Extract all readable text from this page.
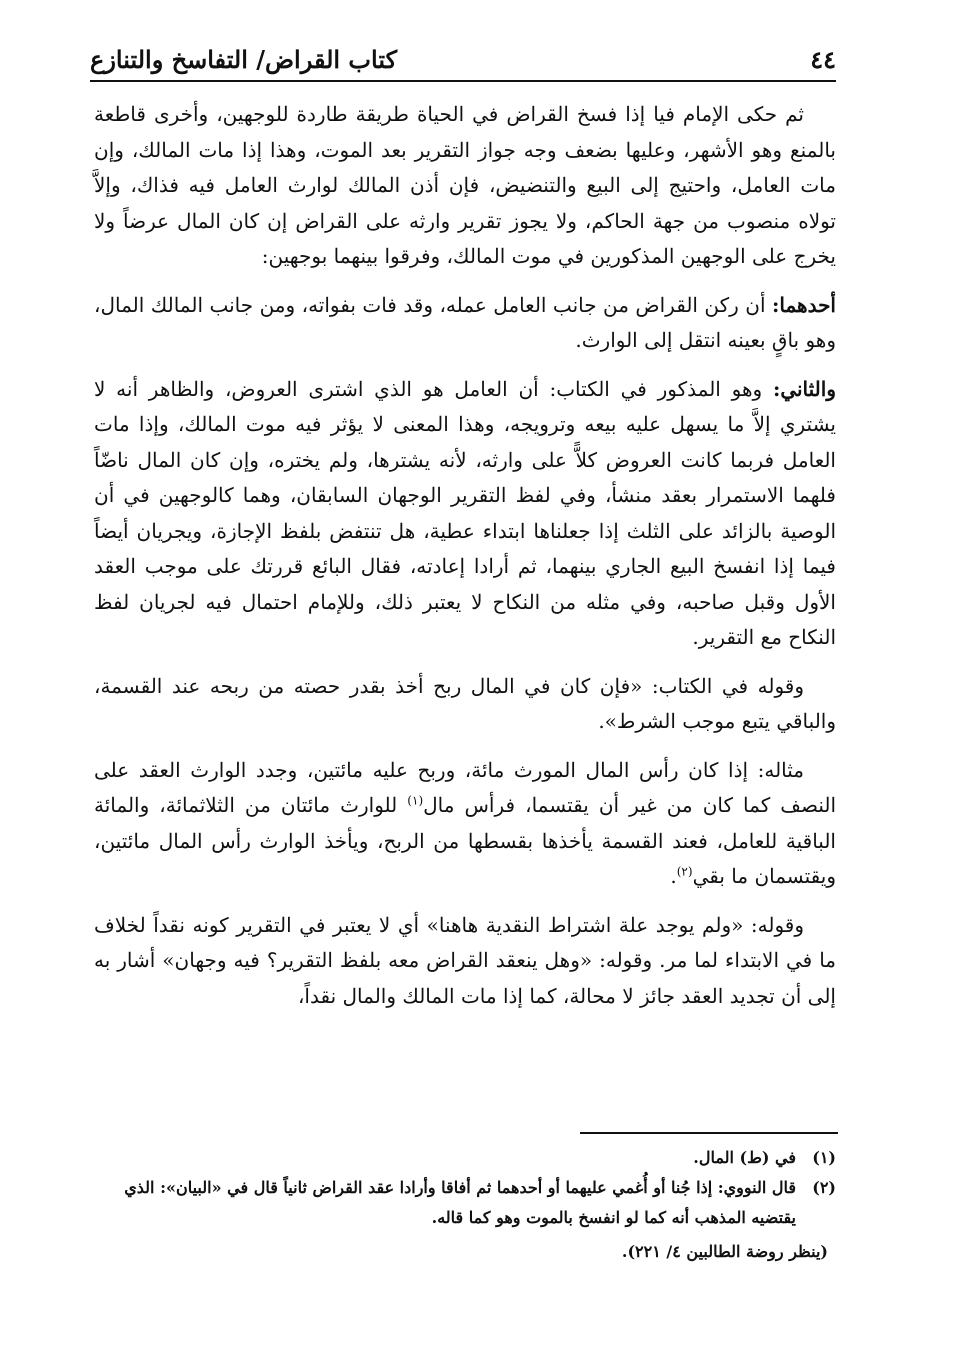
٤٤
كتاب القراض/ التفاسخ والتنازع

ثم حكى الإمام فيا إذا فسخ القراض في الحياة طريقة طاردة للوجهين، وأخرى قاطعة بالمنع وهو الأشهر، وعليها بضعف وجه جواز التقرير بعد الموت، وهذا إذا مات المالك، وإن مات العامل، واحتيج إلى البيع والتنضيض، فإن أذن المالك لوارث العامل فيه فذاك، وإلاَّ تولاه منصوب من جهة الحاكم، ولا يجوز تقرير وارثه على القراض إن كان المال عرضاً ولا يخرج على الوجهين المذكورين في موت المالك، وفرقوا بينهما بوجهين:

أحدهما: أن ركن القراض من جانب العامل عمله، وقد فات بفواته، ومن جانب المالك المال، وهو باقٍ بعينه انتقل إلى الوارث.

والثاني: وهو المذكور في الكتاب: أن العامل هو الذي اشترى العروض، والظاهر أنه لا يشتري إلاَّ ما يسهل عليه بيعه وترويجه، وهذا المعنى لا يؤثر فيه موت المالك، وإذا مات العامل فربما كانت العروض كلاًّ على وارثه، لأنه يشترها، ولم يختره، وإن كان المال ناضّاً فلهما الاستمرار بعقد منشأ، وفي لفظ التقرير الوجهان السابقان، وهما كالوجهين في أن الوصية بالزائد على الثلث إذا جعلناها ابتداء عطية، هل تنتفض بلفظ الإجازة، ويجريان أيضاً فيما إذا انفسخ البيع الجاري بينهما، ثم أرادا إعادته، فقال البائع قررتك على موجب العقد الأول وقبل صاحبه، وفي مثله من النكاح لا يعتبر ذلك، وللإمام احتمال فيه لجريان لفظ النكاح مع التقرير.

وقوله في الكتاب: «فإن كان في المال ربح أخذ بقدر حصته من ربحه عند القسمة، والباقي يتبع موجب الشرط».

مثاله: إذا كان رأس المال المورث مائة، وربح عليه مائتين، وجدد الوارث العقد على النصف كما كان من غير أن يقتسما، فرأس مال$^{(١)}$ للوارث مائتان من الثلاثمائة، والمائة الباقية للعامل، فعند القسمة يأخذها بقسطها من الربح، ويأخذ الوارث رأس المال مائتين، ويقتسمان ما بقي$^{(٢)}$.

وقوله: «ولم يوجد علة اشتراط النقدية هاهنا» أي لا يعتبر في التقرير كونه نقداً لخلاف ما في الابتداء لما مر. وقوله: «وهل ينعقد القراض معه بلفظ التقرير؟ فيه وجهان» أشار به إلى أن تجديد العقد جائز لا محالة، كما إذا مات المالك والمال نقداً،

(١)
في (ط) المال.
(٢)
قال النووي: إذا جُنا أو أُغمي عليهما أو أحدهما ثم أفاقا وأرادا عقد القراض ثانياً قال في «البيان»: الذي يقتضيه المذهب أنه كما لو انفسخ بالموت وهو كما قاله.
(ينظر روضة الطالبين ٤/ ٢٢١).
